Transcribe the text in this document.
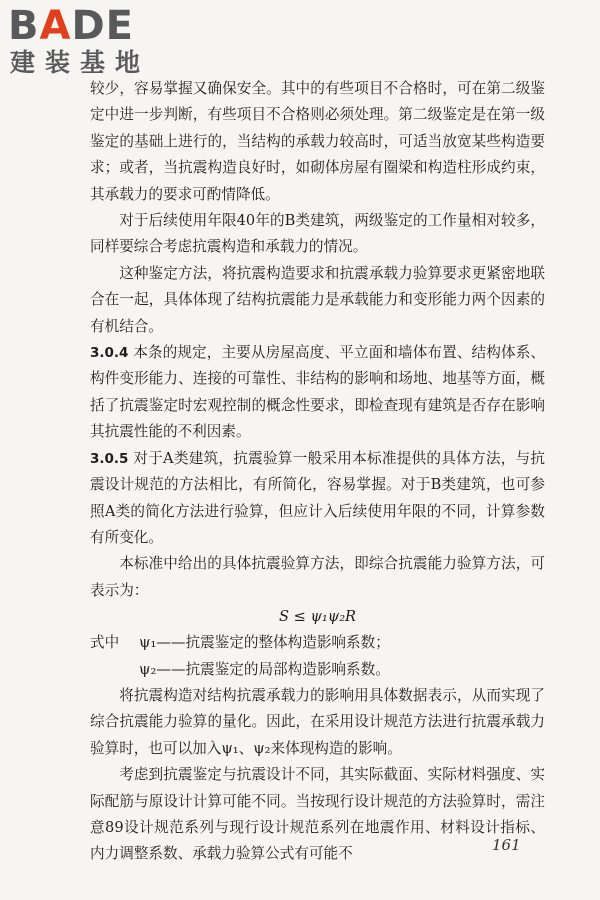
BADE
建装基地

较少，容易掌握又确保安全。其中的有些项目不合格时，可在第二级鉴定中进一步判断，有些项目不合格则必须处理。第二级鉴定是在第一级鉴定的基础上进行的，当结构的承载力较高时，可适当放宽某些构造要求；或者，当抗震构造良好时，如砌体房屋有圈梁和构造柱形成约束，其承载力的要求可酌情降低。

对于后续使用年限40年的B类建筑，两级鉴定的工作量相对较多，同样要综合考虑抗震构造和承载力的情况。

这种鉴定方法，将抗震构造要求和抗震承载力验算要求更紧密地联合在一起，具体体现了结构抗震能力是承载能力和变形能力两个因素的有机结合。

3.0.4 本条的规定，主要从房屋高度、平立面和墙体布置、结构体系、构件变形能力、连接的可靠性、非结构的影响和场地、地基等方面，概括了抗震鉴定时宏观控制的概念性要求，即检查现有建筑是否存在影响其抗震性能的不利因素。

3.0.5 对于A类建筑，抗震验算一般采用本标准提供的具体方法，与抗震设计规范的方法相比，有所简化，容易掌握。对于B类建筑，也可参照A类的简化方法进行验算，但应计入后续使用年限的不同，计算参数有所变化。

本标准中给出的具体抗震验算方法，即综合抗震能力验算方法，可表示为：

S ≤ ψ₁ψ₂R

式中	ψ₁——抗震鉴定的整体构造影响系数；
ψ₂——抗震鉴定的局部构造影响系数。

将抗震构造对结构抗震承载力的影响用具体数据表示，从而实现了综合抗震能力验算的量化。因此，在采用设计规范方法进行抗震承载力验算时，也可以加入ψ₁、ψ₂来体现构造的影响。

考虑到抗震鉴定与抗震设计不同，其实际截面、实际材料强度、实际配筋与原设计计算可能不同。当按现行设计规范的方法验算时，需注意89设计规范系列与现行设计规范系列在地震作用、材料设计指标、内力调整系数、承载力验算公式有可能不	161
